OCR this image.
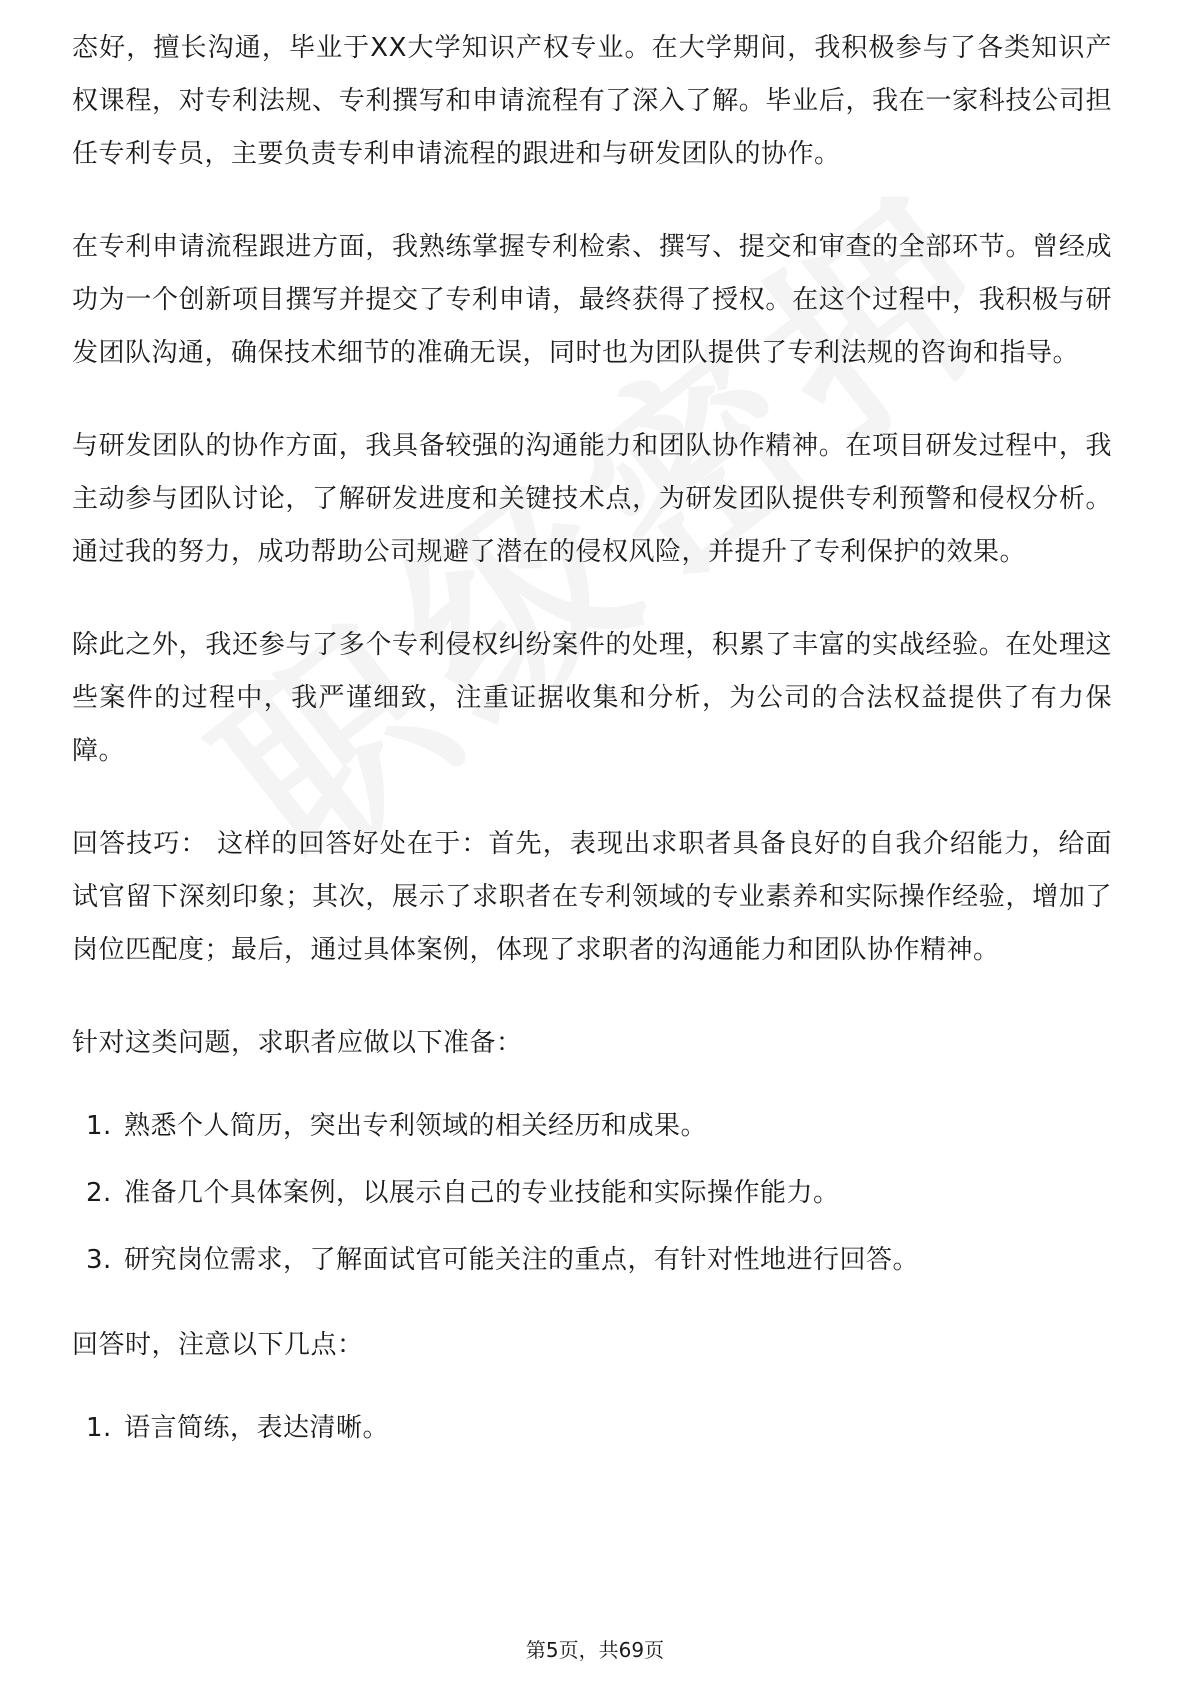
态好，擅长沟通，毕业于XX大学知识产权专业。在大学期间，我积极参与了各类知识产权课程，对专利法规、专利撰写和申请流程有了深入了解。毕业后，我在一家科技公司担任专利专员，主要负责专利申请流程的跟进和与研发团队的协作。

在专利申请流程跟进方面，我熟练掌握专利检索、撰写、提交和审查的全部环节。曾经成功为一个创新项目撰写并提交了专利申请，最终获得了授权。在这个过程中，我积极与研发团队沟通，确保技术细节的准确无误，同时也为团队提供了专利法规的咨询和指导。

与研发团队的协作方面，我具备较强的沟通能力和团队协作精神。在项目研发过程中，我主动参与团队讨论，了解研发进度和关键技术点，为研发团队提供专利预警和侵权分析。通过我的努力，成功帮助公司规避了潜在的侵权风险，并提升了专利保护的效果。

除此之外，我还参与了多个专利侵权纠纷案件的处理，积累了丰富的实战经验。在处理这些案件的过程中，我严谨细致，注重证据收集和分析，为公司的合法权益提供了有力保障。

回答技巧： 这样的回答好处在于：首先，表现出求职者具备良好的自我介绍能力，给面试官留下深刻印象；其次，展示了求职者在专利领域的专业素养和实际操作经验，增加了岗位匹配度；最后，通过具体案例，体现了求职者的沟通能力和团队协作精神。

针对这类问题，求职者应做以下准备：

1. 熟悉个人简历，突出专利领域的相关经历和成果。
2. 准备几个具体案例，以展示自己的专业技能和实际操作能力。
3. 研究岗位需求，了解面试官可能关注的重点，有针对性地进行回答。

回答时，注意以下几点：

1. 语言简练，表达清晰。
第5页，共69页
